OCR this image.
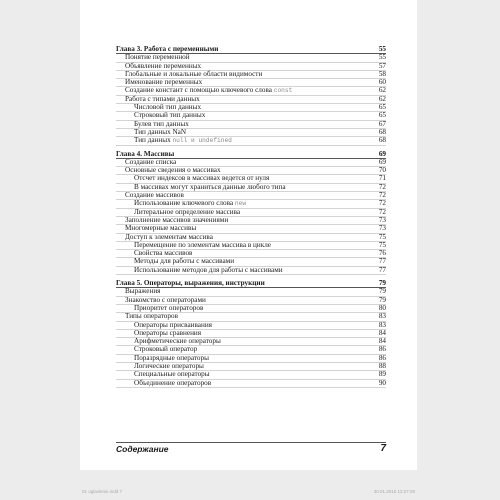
Глава 3. Работа с переменными	55
Понятие переменной	55
Объявление переменных	57
Глобальные и локальные области видимости	58
Именование переменных	60
Создание констант с помощью ключевого слова const	62
Работа с типами данных	62
Числовой тип данных	65
Строковый тип данных	65
Булев тип данных	67
Тип данных NaN	68
Тип данных null и undefined	68
Глава 4. Массивы	69
Создание списка	69
Основные сведения о массивах	70
Отсчет индексов в массивах ведется от нуля	71
В массивах могут храниться данные любого типа	72
Создание массивов	72
Использование ключевого слова new	72
Литеральное определение массива	72
Заполнение массивов значениями	73
Многомерные массивы	73
Доступ к элементам массива	75
Перемещение по элементам массива в цикле	75
Свойства массивов	76
Методы для работы с массивами	77
Использование методов для работы с массивами	77
Глава 5. Операторы, выражения, инструкции	79
Выражения	79
Знакомство с операторами	79
Приоритет операторов	80
Типы операторов	83
Операторы присваивания	83
Операторы сравнения	84
Арифметические операторы	84
Строковый оператор	86
Поразрядные операторы	86
Логические операторы	88
Специальные операторы	89
Объединение операторов	90
Содержание	7
01 oglavlenie.indd 7	30.01.2015 12:27:08
